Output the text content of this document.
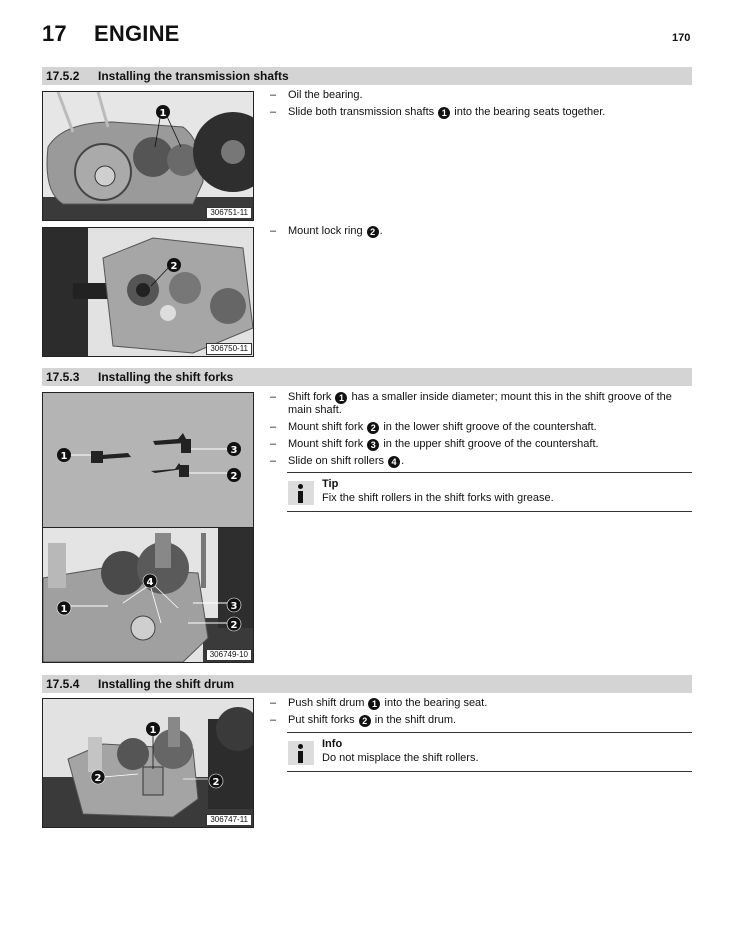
17 ENGINE	170
17.5.2 Installing the transmission shafts
1
306751-11
– Oil the bearing.
– Slide both transmission shafts 1 into the bearing seats together.
2
306750-11
– Mount lock ring 2 .
17.5.3 Installing the shift forks
1
3
2
4
1	3
2
306749-10
– Shift fork 1 has a smaller inside diameter; mount this in the shift groove of the main shaft.
– Mount shift fork 2 in the lower shift groove of the countershaft.
– Mount shift fork 3 in the upper shift groove of the countershaft.
– Slide on shift rollers 4 .
Tip
Fix the shift rollers in the shift forks with grease.
17.5.4 Installing the shift drum
1
2	2
306747-11
– Push shift drum 1 into the bearing seat.
– Put shift forks 2 in the shift drum.
Info
Do not misplace the shift rollers.
